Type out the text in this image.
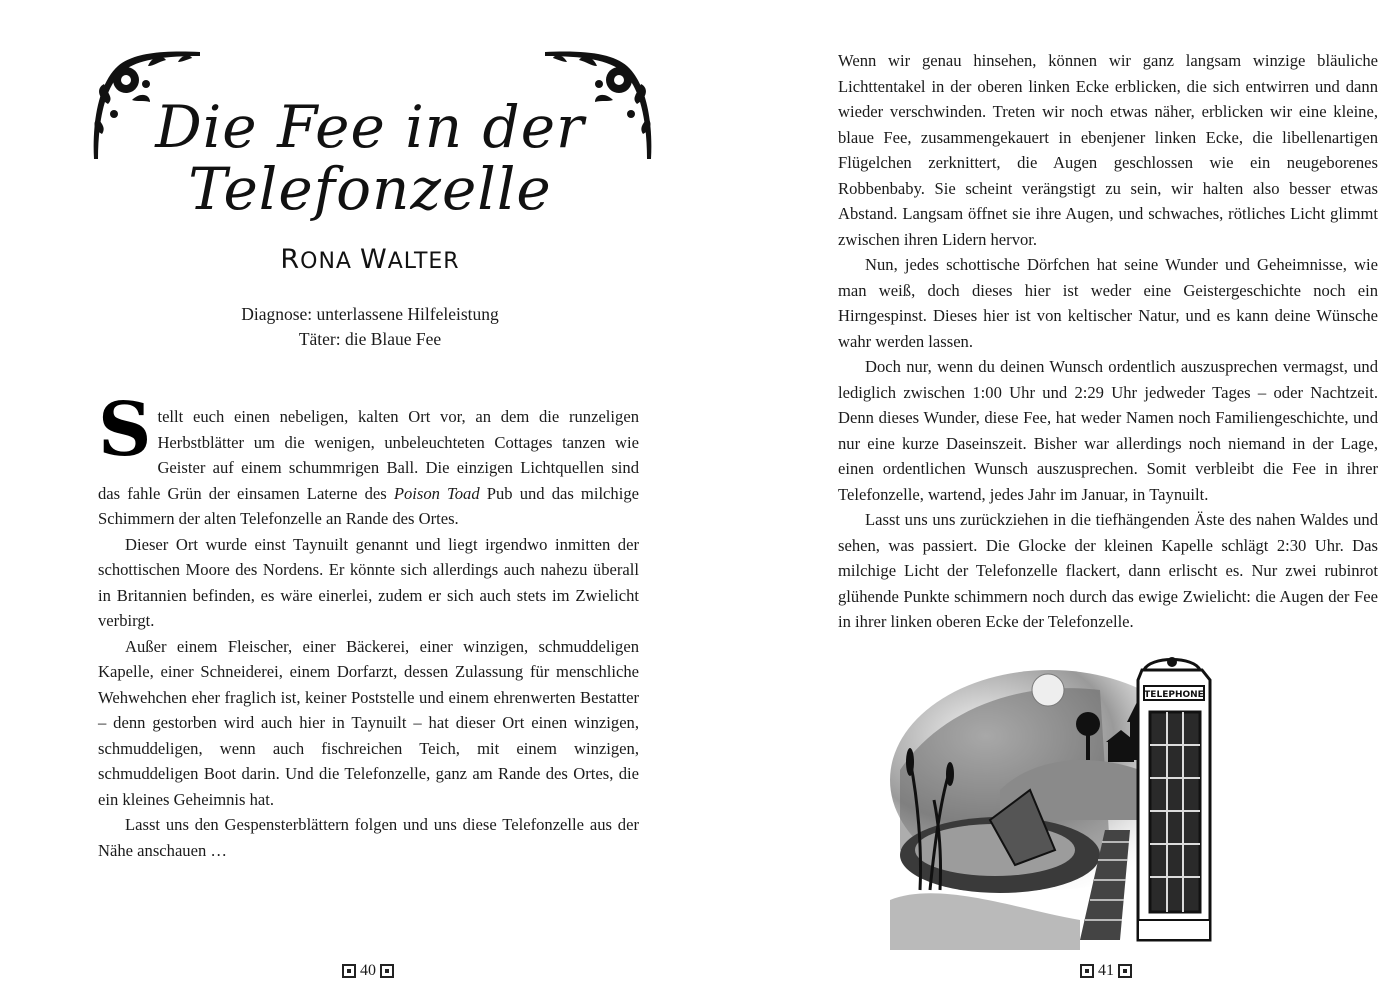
Die Fee in der Telefonzelle
RONA WALTER
Diagnose: unterlassene Hilfeleistung
Täter: die Blaue Fee

Stellt euch einen nebeligen, kalten Ort vor, an dem die runzeligen Herbstblätter um die wenigen, unbeleuchteten Cottages tanzen wie Geister auf einem schummrigen Ball. Die einzigen Lichtquellen sind das fahle Grün der einsamen Laterne des Poison Toad Pub und das milchige Schimmern der alten Telefonzelle an Rande des Ortes.

Dieser Ort wurde einst Taynuilt genannt und liegt irgendwo inmitten der schottischen Moore des Nordens. Er könnte sich allerdings auch nahezu überall in Britannien befinden, es wäre einerlei, zudem er sich auch stets im Zwielicht verbirgt.

Außer einem Fleischer, einer Bäckerei, einer winzigen, schmuddeligen Kapelle, einer Schneiderei, einem Dorfarzt, dessen Zulassung für menschliche Wehwehchen eher fraglich ist, keiner Poststelle und einem ehrenwerten Bestatter – denn gestorben wird auch hier in Taynuilt – hat dieser Ort einen winzigen, schmuddeligen, wenn auch fischreichen Teich, mit einem winzigen, schmuddeligen Boot darin. Und die Telefonzelle, ganz am Rande des Ortes, die ein kleines Geheimnis hat.

Lasst uns den Gespensterblättern folgen und uns diese Telefonzelle aus der Nähe anschauen …

40

Wenn wir genau hinsehen, können wir ganz langsam winzige bläuliche Lichttentakel in der oberen linken Ecke erblicken, die sich entwirren und dann wieder verschwinden. Treten wir noch etwas näher, erblicken wir eine kleine, blaue Fee, zusammengekauert in ebenjener linken Ecke, die libellenartigen Flügelchen zerknittert, die Augen geschlossen wie ein neugeborenes Robbenbaby. Sie scheint verängstigt zu sein, wir halten also besser etwas Abstand. Langsam öffnet sie ihre Augen, und schwaches, rötliches Licht glimmt zwischen ihren Lidern hervor.

Nun, jedes schottische Dörfchen hat seine Wunder und Geheimnisse, wie man weiß, doch dieses hier ist weder eine Geistergeschichte noch ein Hirngespinst. Dieses hier ist von keltischer Natur, und es kann deine Wünsche wahr werden lassen.

Doch nur, wenn du deinen Wunsch ordentlich auszusprechen vermagst, und lediglich zwischen 1:00 Uhr und 2:29 Uhr jedweder Tages – oder Nachtzeit. Denn dieses Wunder, diese Fee, hat weder Namen noch Familiengeschichte, und nur eine kurze Daseinszeit. Bisher war allerdings noch niemand in der Lage, einen ordentlichen Wunsch auszusprechen. Somit verbleibt die Fee in ihrer Telefonzelle, wartend, jedes Jahr im Januar, in Taynuilt.

Lasst uns uns zurückziehen in die tiefhängenden Äste des nahen Waldes und sehen, was passiert. Die Glocke der kleinen Kapelle schlägt 2:30 Uhr. Das milchige Licht der Telefonzelle flackert, dann erlischt es. Nur zwei rubinrot glühende Punkte schimmern noch durch das ewige Zwielicht: die Augen der Fee in ihrer linken oberen Ecke der Telefonzelle.

TELEPHONE
41
